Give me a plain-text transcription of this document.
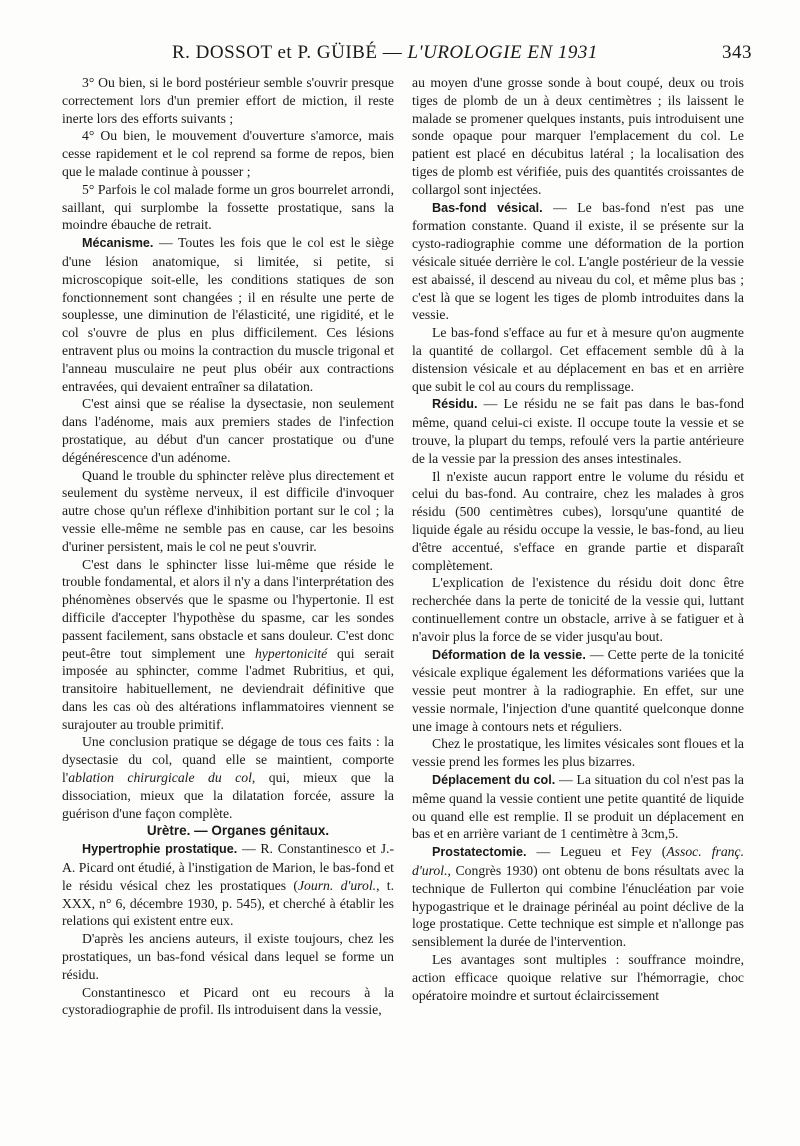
R. DOSSOT et P. GÜIBÉ — L'UROLOGIE EN 1931	343

3° Ou bien, si le bord postérieur semble s'ouvrir presque correctement lors d'un premier effort de miction, il reste inerte lors des efforts suivants ;

4° Ou bien, le mouvement d'ouverture s'amorce, mais cesse rapidement et le col reprend sa forme de repos, bien que le malade continue à pousser ;

5° Parfois le col malade forme un gros bourrelet arrondi, saillant, qui surplombe la fossette prostatique, sans la moindre ébauche de retrait.

Mécanisme. — Toutes les fois que le col est le siège d'une lésion anatomique, si limitée, si petite, si microscopique soit-elle, les conditions statiques de son fonctionnement sont changées ; il en résulte une perte de souplesse, une diminution de l'élasticité, une rigidité, et le col s'ouvre de plus en plus difficilement. Ces lésions entravent plus ou moins la contraction du muscle trigonal et l'anneau musculaire ne peut plus obéir aux contractions entravées, qui devaient entraîner sa dilatation.

C'est ainsi que se réalise la dysectasie, non seulement dans l'adénome, mais aux premiers stades de l'infection prostatique, au début d'un cancer prostatique ou d'une dégénérescence d'un adénome.

Quand le trouble du sphincter relève plus directement et seulement du système nerveux, il est difficile d'invoquer autre chose qu'un réflexe d'inhibition portant sur le col ; la vessie elle-même ne semble pas en cause, car les besoins d'uriner persistent, mais le col ne peut s'ouvrir.

C'est dans le sphincter lisse lui-même que réside le trouble fondamental, et alors il n'y a dans l'interprétation des phénomènes observés que le spasme ou l'hypertonie. Il est difficile d'accepter l'hypothèse du spasme, car les sondes passent facilement, sans obstacle et sans douleur. C'est donc peut-être tout simplement une hypertonicité qui serait imposée au sphincter, comme l'admet Rubritius, et qui, transitoire habituellement, ne deviendrait définitive que dans les cas où des altérations inflammatoires viennent se surajouter au trouble primitif.

Une conclusion pratique se dégage de tous ces faits : la dysectasie du col, quand elle se maintient, comporte l'ablation chirurgicale du col, qui, mieux que la dissociation, mieux que la dilatation forcée, assure la guérison d'une façon complète.

Urètre. — Organes génitaux.

Hypertrophie prostatique. — R. Constantinesco et J.-A. Picard ont étudié, à l'instigation de Marion, le bas-fond et le résidu vésical chez les prostatiques (Journ. d'urol., t. XXX, n° 6, décembre 1930, p. 545), et cherché à établir les relations qui existent entre eux.

D'après les anciens auteurs, il existe toujours, chez les prostatiques, un bas-fond vésical dans lequel se forme un résidu.

Constantinesco et Picard ont eu recours à la cystoradiographie de profil. Ils introduisent dans la vessie,

au moyen d'une grosse sonde à bout coupé, deux ou trois tiges de plomb de un à deux centimètres ; ils laissent le malade se promener quelques instants, puis introduisent une sonde opaque pour marquer l'emplacement du col. Le patient est placé en décubitus latéral ; la localisation des tiges de plomb est vérifiée, puis des quantités croissantes de collargol sont injectées.

Bas-fond vésical. — Le bas-fond n'est pas une formation constante. Quand il existe, il se présente sur la cysto-radiographie comme une déformation de la portion vésicale située derrière le col. L'angle postérieur de la vessie est abaissé, il descend au niveau du col, et même plus bas ; c'est là que se logent les tiges de plomb introduites dans la vessie.

Le bas-fond s'efface au fur et à mesure qu'on augmente la quantité de collargol. Cet effacement semble dû à la distension vésicale et au déplacement en bas et en arrière que subit le col au cours du remplissage.

Résidu. — Le résidu ne se fait pas dans le bas-fond même, quand celui-ci existe. Il occupe toute la vessie et se trouve, la plupart du temps, refoulé vers la partie antérieure de la vessie par la pression des anses intestinales.

Il n'existe aucun rapport entre le volume du résidu et celui du bas-fond. Au contraire, chez les malades à gros résidu (500 centimètres cubes), lorsqu'une quantité de liquide égale au résidu occupe la vessie, le bas-fond, au lieu d'être accentué, s'efface en grande partie et disparaît complètement.

L'explication de l'existence du résidu doit donc être recherchée dans la perte de tonicité de la vessie qui, luttant continuellement contre un obstacle, arrive à se fatiguer et à n'avoir plus la force de se vider jusqu'au bout.

Déformation de la vessie. — Cette perte de la tonicité vésicale explique également les déformations variées que la vessie peut montrer à la radiographie. En effet, sur une vessie normale, l'injection d'une quantité quelconque donne une image à contours nets et réguliers.

Chez le prostatique, les limites vésicales sont floues et la vessie prend les formes les plus bizarres.

Déplacement du col. — La situation du col n'est pas la même quand la vessie contient une petite quantité de liquide ou quand elle est remplie. Il se produit un déplacement en bas et en arrière variant de 1 centimètre à 3cm,5.

Prostatectomie. — Legueu et Fey (Assoc. franç. d'urol., Congrès 1930) ont obtenu de bons résultats avec la technique de Fullerton qui combine l'énucléation par voie hypogastrique et le drainage périnéal au point déclive de la loge prostatique. Cette technique est simple et n'allonge pas sensiblement la durée de l'intervention.

Les avantages sont multiples : souffrance moindre, action efficace quoique relative sur l'hémorragie, choc opératoire moindre et surtout éclaircissement
